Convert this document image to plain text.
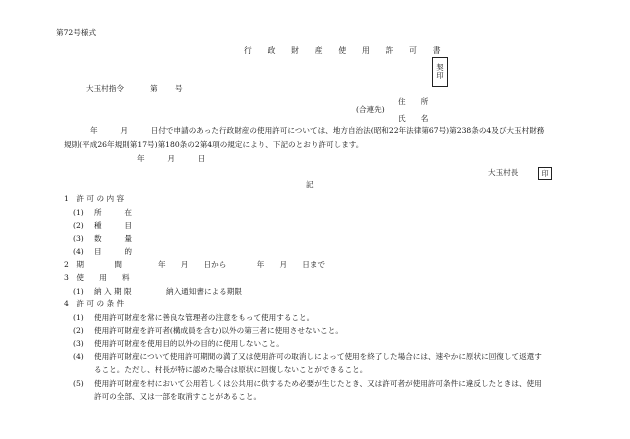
第72号様式
行　政　財　産　使　用　許　可　書
契
印
大玉村指令	第 号
住　　所
(合連先)
氏　　名
年　　　月　　　日付で申請のあった行政財産の使用許可については、地方自治法(昭和22年法律第67号)第238条の4及び大玉村財務
規則(平成26年規則第17号)第180条の2第4項の規定により、下記のとおり許可します。
年　　　月　　　日
大玉村長	印
記
1　許 可 の 内 容
(1) 所　　　在
(2) 種　　　目
(3) 数　　　量
(4) 目　　　的
2　期　　　　間	年　　月　　日から　　　　年　　月　　日まで
3　使　　用　　料
(1) 納 入 期 限	納入通知書による期限
4　許 可 の 条 件
(1) 使用許可財産を常に善良な管理者の注意をもって使用すること。
(2) 使用許可財産を許可者(構成員を含む)以外の第三者に使用させないこと。
(3) 使用許可財産を使用目的以外の目的に使用しないこと。
(4) 使用許可財産について使用許可期間の満了又は使用許可の取消しによって使用を終了した場合には、速やかに原状に回復して返還す
ること。ただし、村長が特に認めた場合は原状に回復しないことができること。
(5) 使用許可財産を村において公用若しくは公共用に供するため必要が生じたとき、又は許可者が使用許可条件に違反したときは、使用
許可の全部、又は一部を取消すことがあること。
